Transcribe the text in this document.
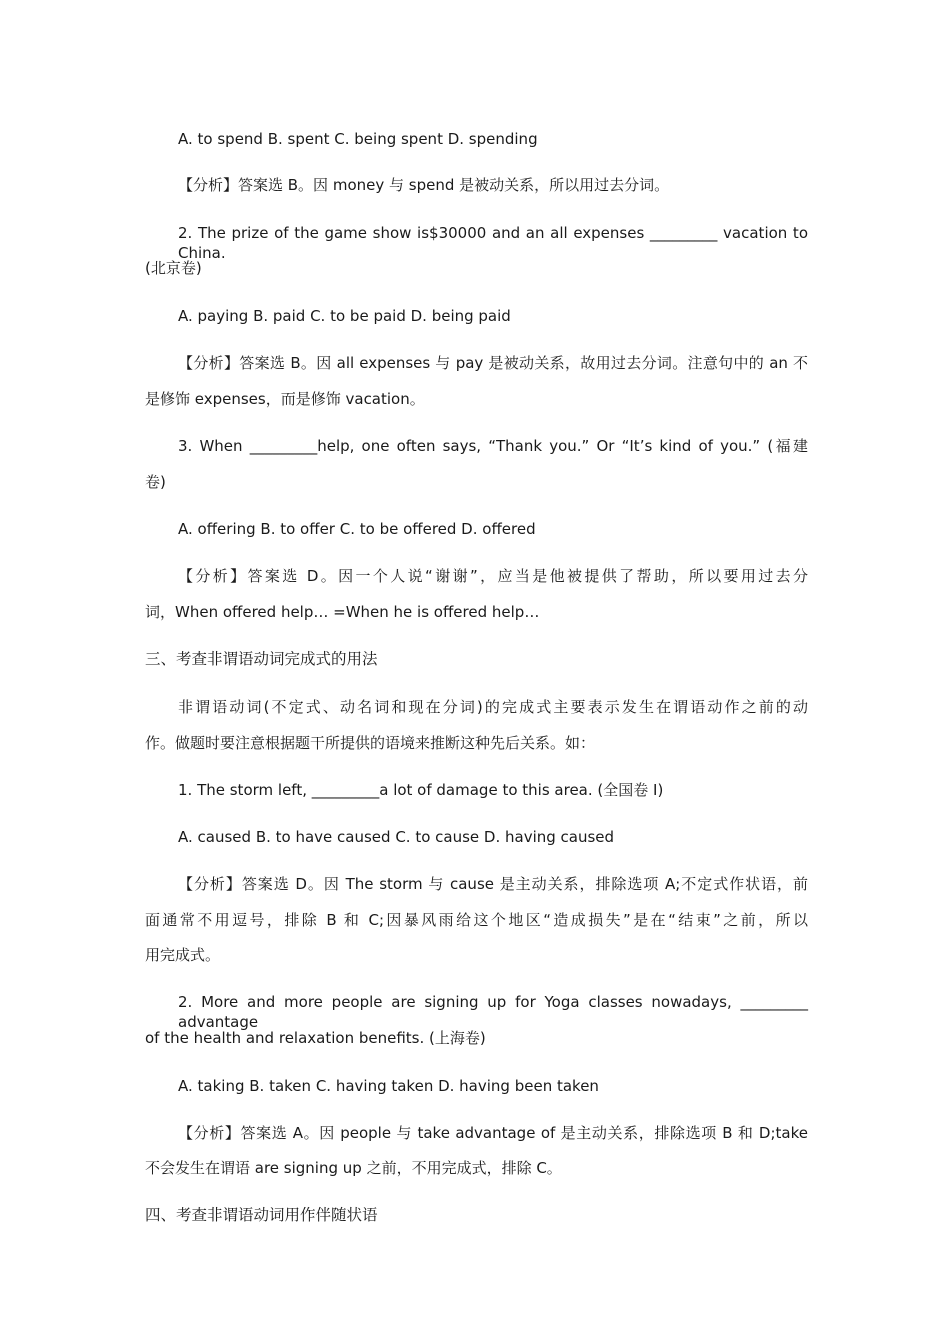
A. to spend B. spent C. being spent D. spending
【分析】答案选 B。因 money 与 spend 是被动关系，所以用过去分词。
2. The prize of the game show is$30000 and an all expenses _________ vacation to China.
(北京卷)
A. paying B. paid C. to be paid D. being paid
【分析】答案选 B。因 all expenses 与 pay 是被动关系，故用过去分词。注意句中的 an 不
是修饰 expenses，而是修饰 vacation。
3. When _________help, one often says, “Thank you.” Or “It’s kind of you.” (福建
卷)
A. offering B. to offer C. to be offered D. offered
【分析】答案选 D。因一个人说“谢谢”，应当是他被提供了帮助，所以要用过去分
词，When offered help… =When he is offered help…
三、考查非谓语动词完成式的用法
非谓语动词(不定式、动名词和现在分词)的完成式主要表示发生在谓语动作之前的动
作。做题时要注意根据题干所提供的语境来推断这种先后关系。如：
1. The storm left, _________a lot of damage to this area. (全国卷 I)
A. caused B. to have caused C. to cause D. having caused
【分析】答案选 D。因 The storm 与 cause 是主动关系，排除选项 A;不定式作状语，前
面通常不用逗号，排除 B 和 C;因暴风雨给这个地区“造成损失”是在“结束”之前，所以
用完成式。
2. More and more people are signing up for Yoga classes nowadays, _________ advantage
of the health and relaxation benefits. (上海卷)
A. taking B. taken C. having taken D. having been taken
【分析】答案选 A。因 people 与 take advantage of 是主动关系，排除选项 B 和 D;take
不会发生在谓语 are signing up 之前，不用完成式，排除 C。
四、考查非谓语动词用作伴随状语
